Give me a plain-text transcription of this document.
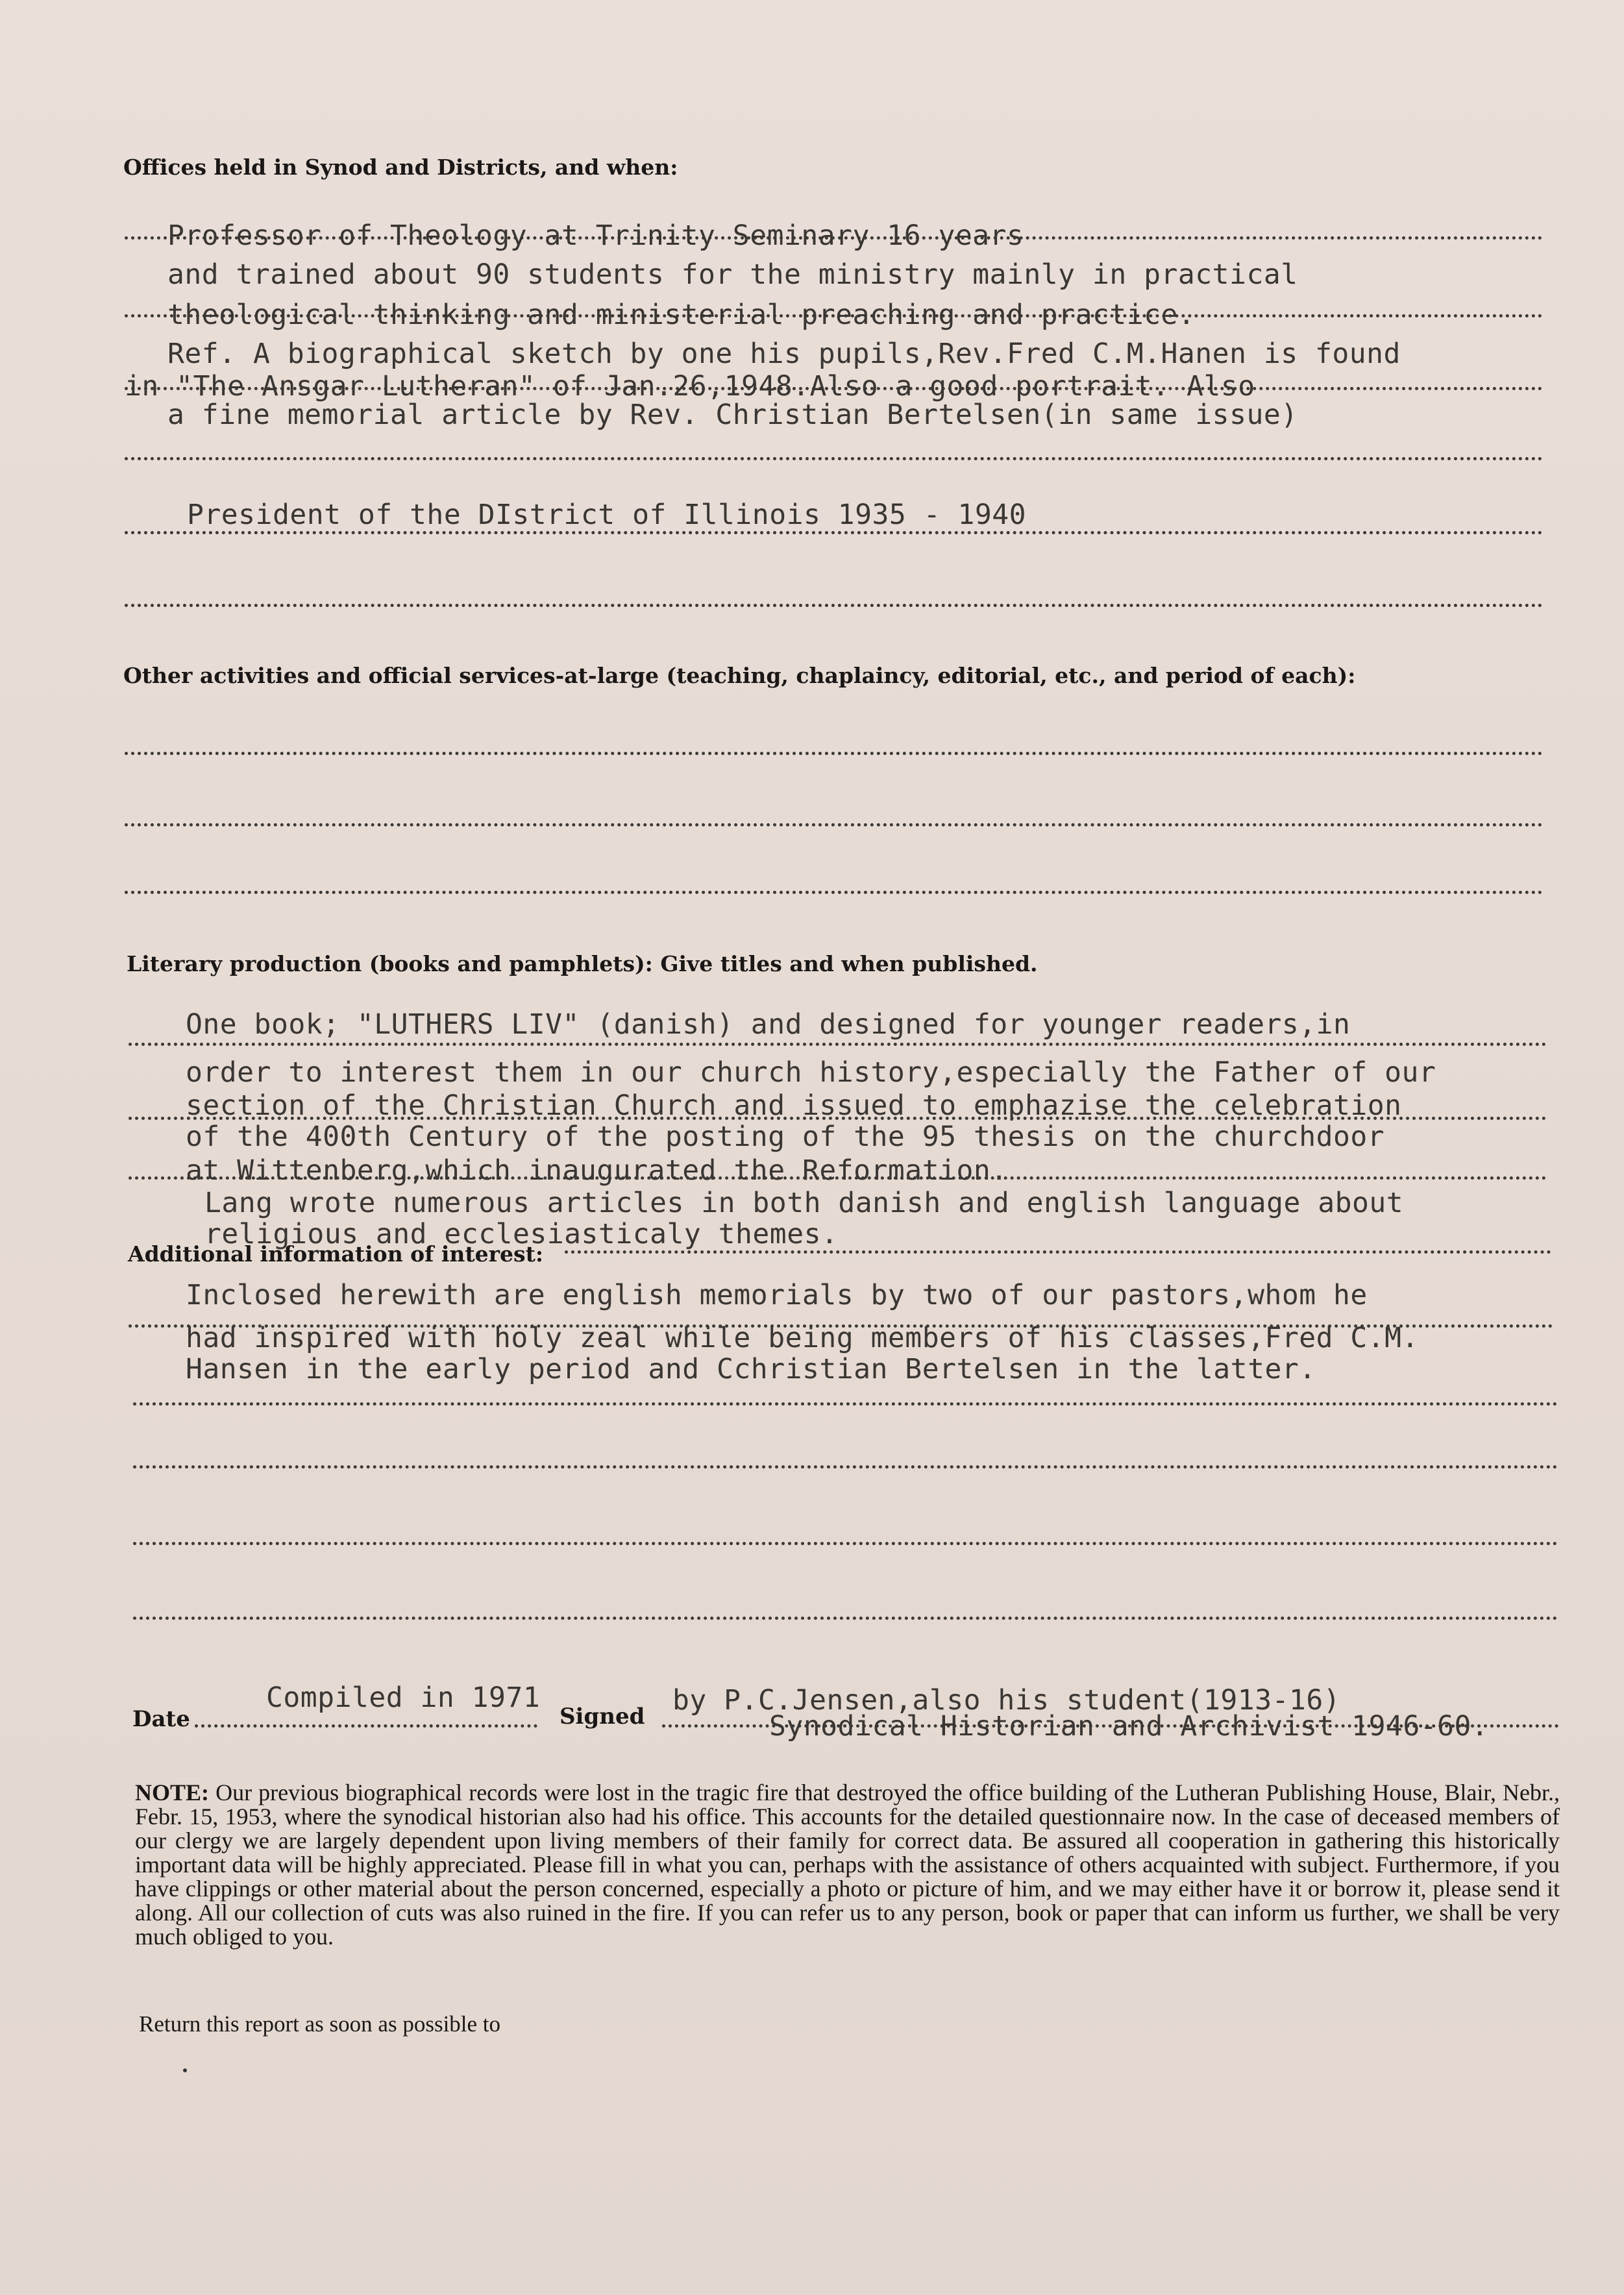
Offices held in Synod and Districts, and when:
Professor of Theology at Trinity Seminary 16 years
and trained about 90 students for the ministry mainly in practical
theological thinking and ministerial preaching and practice.
Ref. A biographical sketch by one his pupils,Rev.Fred C.M.Hanen is found
in "The Ansgar Lutheran" of Jan.26,1948.Also a good portrait. Also
a fine memorial article by Rev. Christian Bertelsen(in same issue)
President of the DIstrict of Illinois 1935 - 1940
Other activities and official services-at-large (teaching, chaplaincy, editorial, etc., and period of each):
Literary production (books and pamphlets): Give titles and when published.
One book; "LUTHERS LIV" (danish) and designed for younger readers,in
order to interest them in our church history,especially the Father of our
section of the Christian Church and issued to emphazise the celebration
of the 400th Century of the posting of the 95 thesis on the churchdoor
at Wittenberg,which inaugurated the Reformation.
Lang wrote numerous articles in both danish and english language about
religious and ecclesiasticaly themes.
Additional information of interest:
Inclosed herewith are english memorials by two of our pastors,whom he
had inspired with holy zeal while being members of his classes,Fred C.M.
Hansen in the early period and Cchristian Bertelsen in the latter.
Date
Compiled in 1971
Signed by P.C.Jensen,also his student(1913-16)
Synodical Historian and Archivist 1946-60.
NOTE: Our previous biographical records were lost in the tragic fire that destroyed the office building of the Lutheran Publishing House, Blair, Nebr., Febr. 15, 1953, where the synodical historian also had his office. This accounts for the detailed questionnaire now. In the case of deceased members of our clergy we are largely dependent upon living members of their family for correct data. Be assured all cooperation in gathering this historically important data will be highly appreciated. Please fill in what you can, perhaps with the assistance of others acquainted with subject. Furthermore, if you have clippings or other material about the person concerned, especially a photo or picture of him, and we may either have it or borrow it, please send it along. All our collection of cuts was also ruined in the fire. If you can refer us to any person, book or paper that can inform us further, we shall be very much obliged to you.
Return this report as soon as possible to
